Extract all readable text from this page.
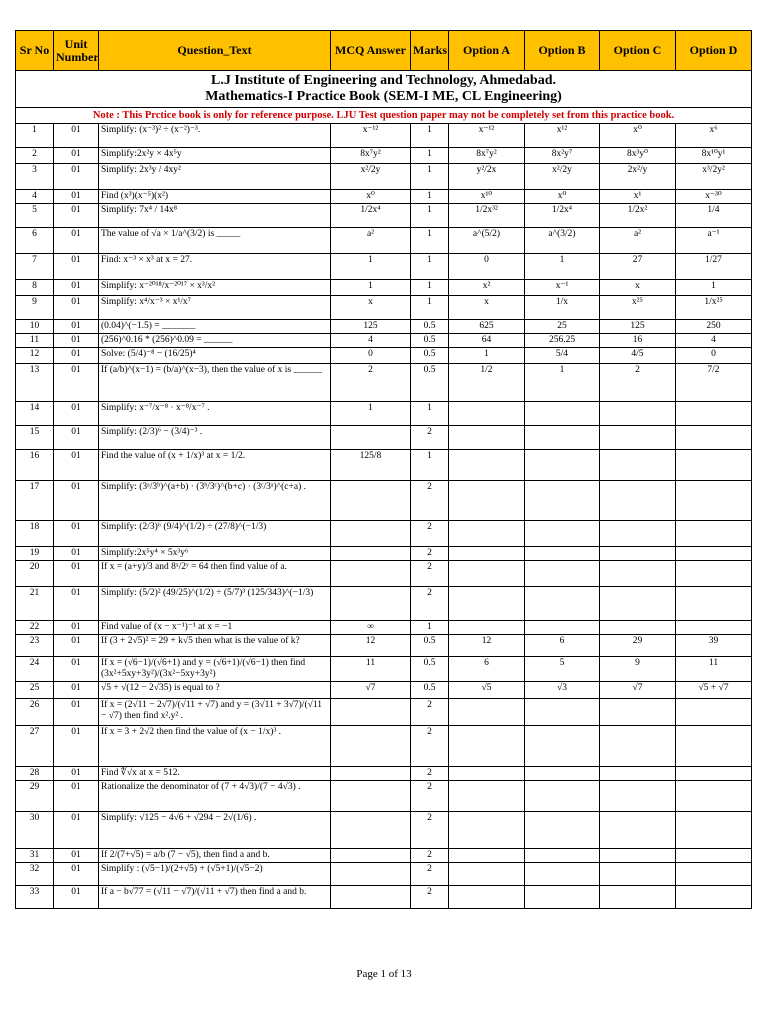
L.J Institute of Engineering and Technology, Ahmedabad.
Mathematics-I Practice Book (SEM-I ME, CL Engineering)								

Note : This Prctice book is only for reference purpose. LJU Test question paper may not be completely set from this practice book.								
Sr No	Unit Number	Question_Text	MCQ Answer	Marks	Option A	Option B	Option C	Option D
1	01	Simplify: (x⁻³)² ÷ (x⁻²)⁻³.	x⁻¹²	1	x⁻¹²	x¹²	x⁰	x⁶
2	01	Simplify:2x²y × 4x⁵y	8x⁷y²	1	8x⁷y²	8x²y⁷	8x³y⁰	8x¹⁰y¹
3	01	Simplify: 2x³y / 4xy²	x²/2y	1	y²/2x	x²/2y	2x²/y	x³/2y²
4	01	Find (x³)(x⁻⁵)(x²)	x⁰	1	x¹⁰	x⁰	x¹	x⁻³⁰
5	01	Simplify: 7x⁴ / 14x⁸	1/2x⁴	1	1/2x³²	1/2x⁴	1/2x²	1/4
6	01	The value of √a × 1/a^(3/2) is _____	a²	1	a^(5/2)	a^(3/2)	a²	a⁻¹
7	01	Find: x⁻³ × x³ at x = 27.	1	1	0	1	27	1/27
8	01	Simplify: x⁻²⁰¹⁸/x⁻²⁰¹⁷ × x³/x²	1	1	x²	x⁻¹	x	1
9	01	Simplify: x⁴/x⁻³ × x¹/x⁷	x	1	x	1/x	x²⁵	1/x²⁵
10	01	(0.04)^(−1.5) = _______	125	0.5	625	25	125	250
11	01	(256)^0.16 * (256)^0.09 = ______	4	0.5	64	256.25	16	4
12	01	Solve: (5/4)⁻⁸ − (16/25)⁴	0	0.5	1	5/4	4/5	0
13	01	If (a/b)^(x−1) = (b/a)^(x−3), then the value of x is ______	2	0.5	1/2	1	2	7/2
14	01	Simplify: x⁻⁷/x⁻⁸ · x⁻⁸/x⁻⁷ .	1	1				
15	01	Simplify: (2/3)⁶ − (3/4)⁻³ .		2				
16	01	Find the value of (x + 1/x)³ at x = 1/2.	125/8	1				
17	01	Simplify: (3ᵃ/3ᵇ)^(a+b) · (3ᵇ/3ᶜ)^(b+c) · (3ᶜ/3ᵃ)^(c+a) .		2				
18	01	Simplify: (2/3)⁶ (9/4)^(1/2) ÷ (27/8)^(−1/3)		2				
19	01	Simplify:2x⁵y⁴ × 5x³y⁶		2				
20	01	If x = (a+y)/3 and 8ˣ/2ʸ = 64 then find value of a.		2				
21	01	Simplify: (5/2)² (49/25)^(1/2) ÷ (5/7)³ (125/343)^(−1/3)		2				
22	01	Find value of (x − x⁻¹)⁻¹ at x = −1	∞	1				
23	01	If (3 + 2√5)² = 29 + k√5 then what is the value of k?	12	0.5	12	6	29	39
24	01	If x = (√6−1)/(√6+1) and y = (√6+1)/(√6−1) then find (3x²+5xy+3y²)/(3x²−5xy+3y²)	11	0.5	6	5	9	11
25	01	√5 + √(12 − 2√35) is equal to ?	√7	0.5	√5	√3	√7	√5 + √7
26	01	If x = (2√11 − 2√7)/(√11 + √7) and y = (3√11 + 3√7)/(√11 − √7) then find x².y² .		2				
27	01	If x = 3 + 2√2 then find the value of (x − 1/x)³ .		2				
28	01	Find ∜√x at x = 512.		2				
29	01	Rationalize the denominator of (7 + 4√3)/(7 − 4√3) .		2				
30	01	Simplify: √125 − 4√6 + √294 − 2√(1/6) .		2				
31	01	If 2/(7+√5) = a/b (7 − √5), then find a and b.		2				
32	01	Simplify : (√5−1)/(2+√5) + (√5+1)/(√5−2)		2				
33	01	If a − b√77 = (√11 − √7)/(√11 + √7) then find a and b.		2				
Page 1 of 13
